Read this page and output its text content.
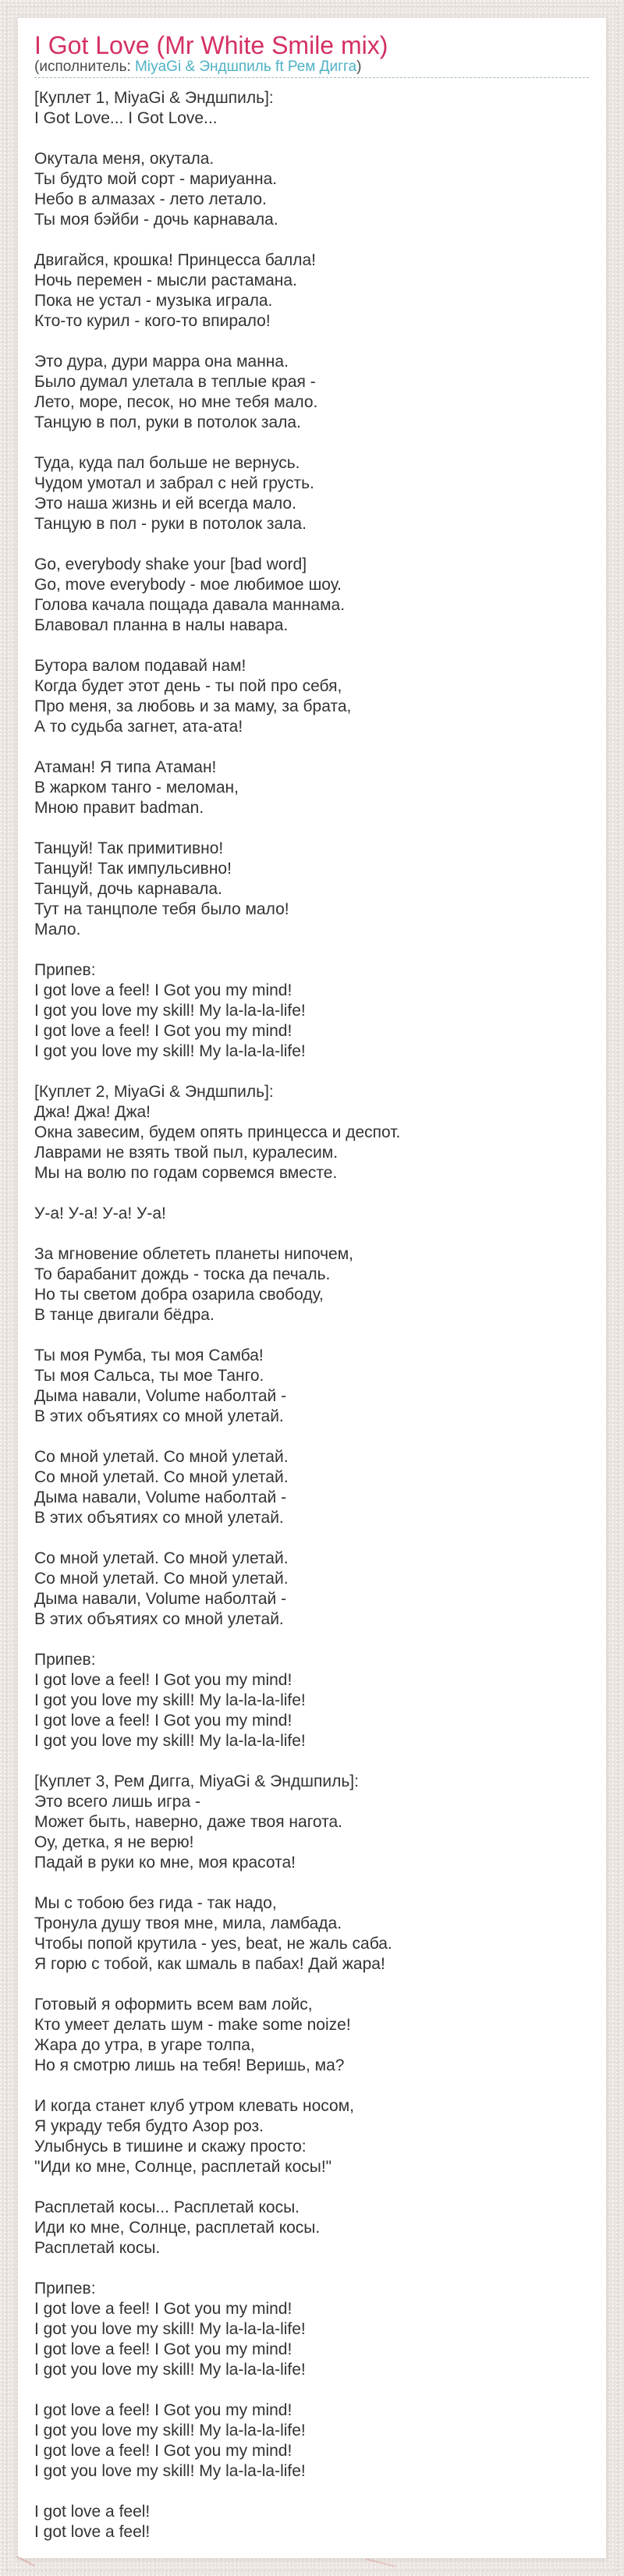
I Got Love (Mr White Smile mix)
(исполнитель: MiyaGi & Эндшпиль ft Рем Дигга)

[Куплет 1, MiyaGi & Эндшпиль]:
I Got Love... I Got Love...

Окутала меня, окутала.
Ты будто мой сорт - мариуанна.
Небо в алмазах - лето летало.
Ты моя бэйби - дочь карнавала.

Двигайся, крошка! Принцесса балла!
Ночь перемен - мысли растамана.
Пока не устал - музыка играла.
Кто-то курил - кого-то впирало!

Это дура, дури марра она манна.
Было думал улетала в теплые края -
Лето, море, песок, но мне тебя мало.
Танцую в пол, руки в потолок зала.

Туда, куда пал больше не вернусь.
Чудом умотал и забрал с ней грусть.
Это наша жизнь и ей всегда мало.
Танцую в пол - руки в потолок зала.

Go, everybody shake your [bad word]
Go, move everybody - мое любимое шоу.
Голова качала пощада давала маннама.
Блавовал планна в налы навара.

Бутора валом подавай нам!
Когда будет этот день - ты пой про себя,
Про меня, за любовь и за маму, за брата,
А то судьба загнет, ата-ата!

Атаман! Я типа Атаман!
В жарком танго - меломан,
Мною правит badman.

Танцуй! Так примитивно!
Танцуй! Так импульсивно!
Танцуй, дочь карнавала.
Тут на танцполе тебя было мало!
Мало.

Припев:
I got love a feel! I Got you my mind!
I got you love my skill! My la-la-la-life!
I got love a feel! I Got you my mind!
I got you love my skill! My la-la-la-life!

[Куплет 2, MiyaGi & Эндшпиль]:
Джа! Джа! Джа!
Окна завесим, будем опять принцесса и деспот.
Лаврами не взять твой пыл, куралесим.
Мы на волю по годам сорвемся вместе.

У-а! У-а! У-а! У-а!

За мгновение облететь планеты нипочем,
То барабанит дождь - тоска да печаль.
Но ты светом добра озарила свободу,
В танце двигали бёдра.

Ты моя Румба, ты моя Самба!
Ты моя Сальса, ты мое Танго.
Дыма навали, Volume наболтай -
В этих объятиях со мной улетай.

Со мной улетай. Со мной улетай.
Со мной улетай. Со мной улетай.
Дыма навали, Volume наболтай -
В этих объятиях со мной улетай.

Со мной улетай. Со мной улетай.
Со мной улетай. Со мной улетай.
Дыма навали, Volume наболтай -
В этих объятиях со мной улетай.

Припев:
I got love a feel! I Got you my mind!
I got you love my skill! My la-la-la-life!
I got love a feel! I Got you my mind!
I got you love my skill! My la-la-la-life!

[Куплет 3, Рем Дигга, MiyaGi & Эндшпиль]:
Это всего лишь игра -
Может быть, наверно, даже твоя нагота.
Оу, детка, я не верю!
Падай в руки ко мне, моя красота!

Мы с тобою без гида - так надо,
Тронула душу твоя мне, мила, ламбада.
Чтобы попой крутила - yes, beat, не жаль саба.
Я горю с тобой, как шмаль в пабах! Дай жара!

Готовый я оформить всем вам лойс,
Кто умеет делать шум - make some noize!
Жара до утра, в угаре толпа,
Но я смотрю лишь на тебя! Веришь, ма?

И когда станет клуб утром клевать носом,
Я украду тебя будто Азор роз.
Улыбнусь в тишине и скажу просто:
"Иди ко мне, Солнце, расплетай косы!"

Расплетай косы... Расплетай косы.
Иди ко мне, Солнце, расплетай косы.
Расплетай косы.

Припев:
I got love a feel! I Got you my mind!
I got you love my skill! My la-la-la-life!
I got love a feel! I Got you my mind!
I got you love my skill! My la-la-la-life!

I got love a feel! I Got you my mind!
I got you love my skill! My la-la-la-life!
I got love a feel! I Got you my mind!
I got you love my skill! My la-la-la-life!

I got love a feel!
I got love a feel!
